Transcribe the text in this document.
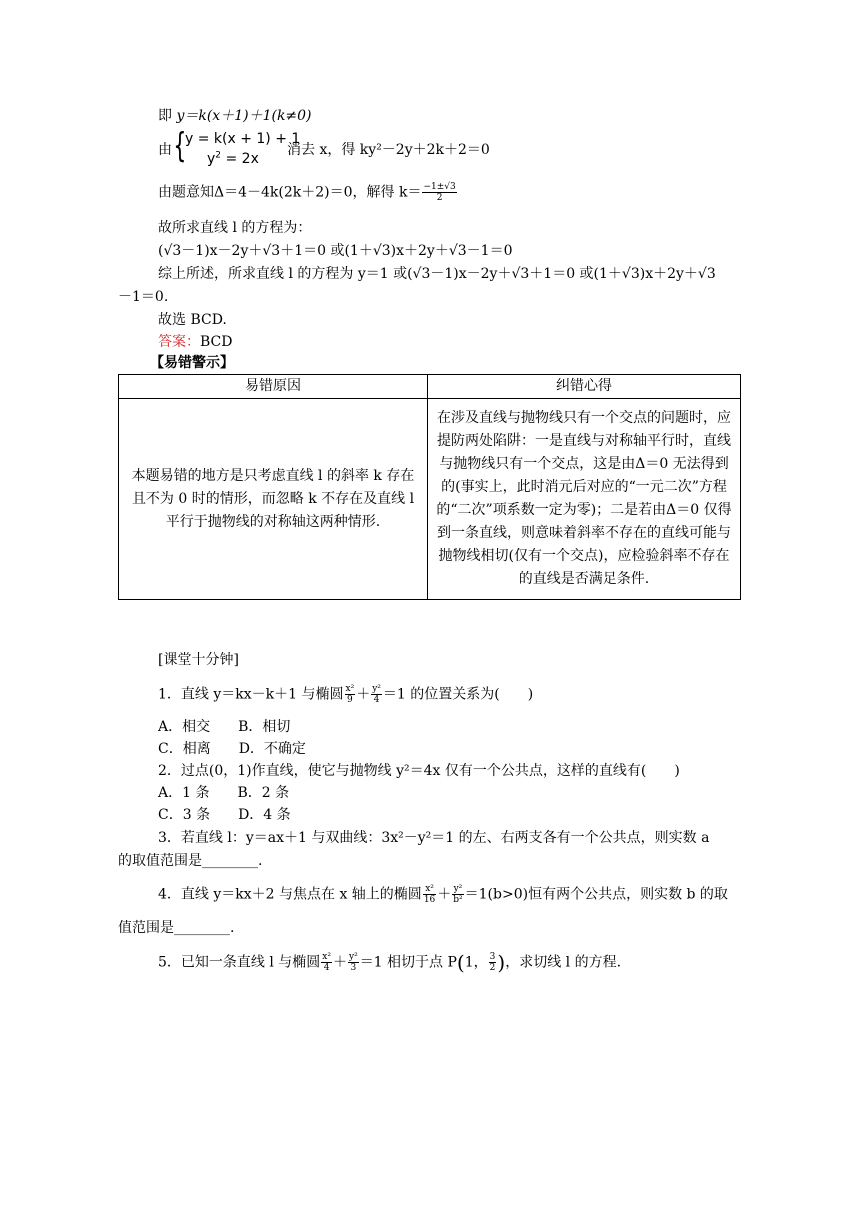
即 y＝k(x＋1)＋1(k≠0)
由 {
y = k(x + 1) + 1
$y^2 = 2x$
消去 x，得 ky²－2y＋2k＋2＝0
由题意知Δ＝4－4k(2k＋2)＝0，解得 $k= \frac{-1\pm√3}{2}$
故所求直线 l 的方程为：
(√3－1)x－2y＋√3＋1＝0 或(1＋√3)x＋2y＋√3－1＝0
综上所述，所求直线 l 的方程为 y＝1 或(√3－1)x－2y＋√3＋1＝0 或(1＋√3)x＋2y＋√3
－1＝0.
故选 BCD.
答案：BCD
【易错警示】
易错原因	纠错心得
本题易错的地方是只考虑直线 l 的斜率 k 存在且不为 0 时的情形，而忽略 k 不存在及直线 l 平行于抛物线的对称轴这两种情形.	在涉及直线与抛物线只有一个交点的问题时，应提防两处陷阱：一是直线与对称轴平行时，直线与抛物线只有一个交点，这是由Δ＝0 无法得到的(事实上，此时消元后对应的“一元二次”方程的“二次”项系数一定为零)；二是若由Δ＝0 仅得到一条直线，则意味着斜率不存在的直线可能与抛物线相切(仅有一个交点)，应检验斜率不存在的直线是否满足条件.
[课堂十分钟]
1．直线 y＝kx－k＋1 与椭圆 $\frac{\text{x²}}{9} + \frac{\text{y²}}{4} =1$ 的位置关系为(　　)
A．相交　　B．相切
C．相离　　D．不确定
2．过点(0，1)作直线，使它与抛物线 y²＝4x 仅有一个公共点，这样的直线有(　　)
A．1 条　　B．2 条
C．3 条　　D．4 条
3．若直线 l：y＝ax＋1 与双曲线：3x²－y²＝1 的左、右两支各有一个公共点，则实数 a
的取值范围是________.
4．直线 y＝kx＋2 与焦点在 x 轴上的椭圆 $\frac{\text{x²}}{16} + \frac{\text{y²}}{\text{b²}} =1(b>0)$恒有两个公共点，则实数 b 的取
值范围是________.
5．已知一条直线 l 与椭圆 $\frac{\text{x²}}{4} + \frac{\text{y²}}{3} =1$ 相切于点 P(1， $\frac{3}{2}$ )，求切线 l 的方程.
